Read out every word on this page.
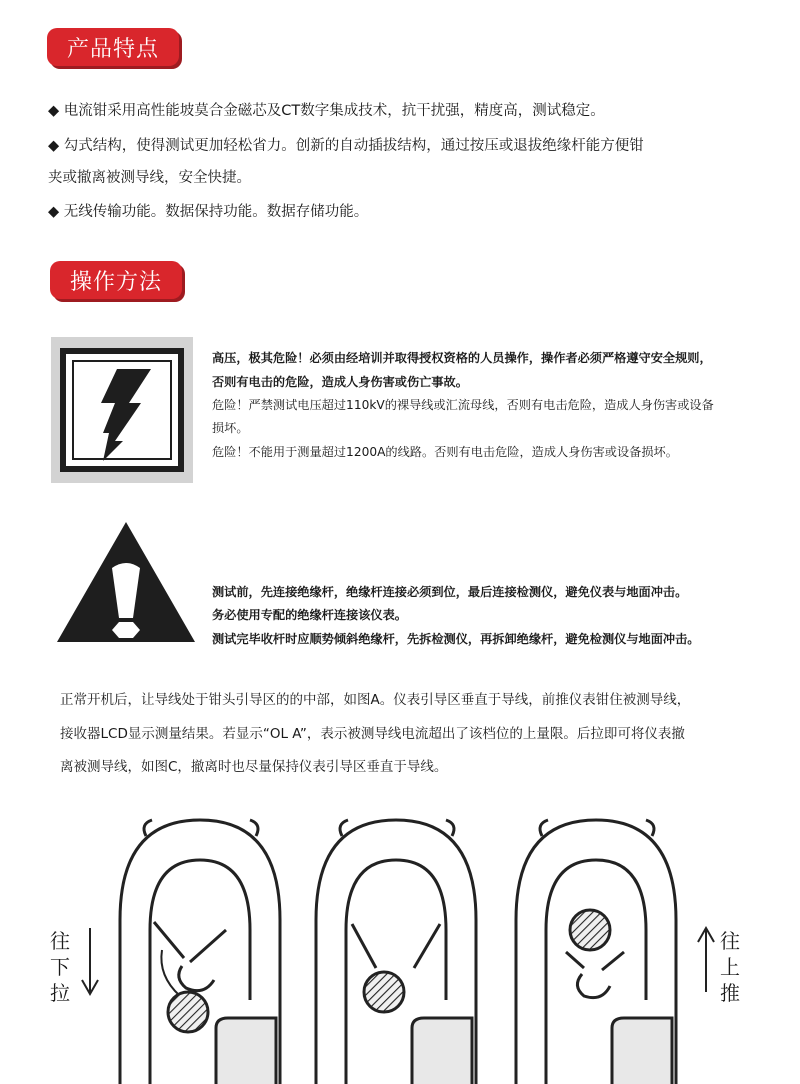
产品特点
◆ 电流钳采用高性能坡莫合金磁芯及CT数字集成技术，抗干扰强，精度高，测试稳定。
◆ 勾式结构，使得测试更加轻松省力。创新的自动插拔结构，通过按压或退拔绝缘杆能方便钳
夹或撤离被测导线，安全快捷。
◆ 无线传输功能。数据保持功能。数据存储功能。
操作方法
高压，极其危险！必须由经培训并取得授权资格的人员操作，操作者必须严格遵守安全规则，
否则有电击的危险，造成人身伤害或伤亡事故。
危险！严禁测试电压超过110kV的裸导线或汇流母线，否则有电击危险，造成人身伤害或设备
损坏。
危险！不能用于测量超过1200A的线路。否则有电击危险，造成人身伤害或设备损坏。
测试前，先连接绝缘杆，绝缘杆连接必须到位，最后连接检测仪，避免仪表与地面冲击。
务必使用专配的绝缘杆连接该仪表。
测试完毕收杆时应顺势倾斜绝缘杆，先拆检测仪，再拆卸绝缘杆，避免检测仪与地面冲击。
正常开机后，让导线处于钳头引导区的的中部，如图A。仪表引导区垂直于导线，前推仪表钳住被测导线，
接收器LCD显示测量结果。若显示“OL A”，表示被测导线电流超出了该档位的上量限。后拉即可将仪表撤
离被测导线，如图C，撤离时也尽量保持仪表引导区垂直于导线。
往
下
拉
往
上
推
